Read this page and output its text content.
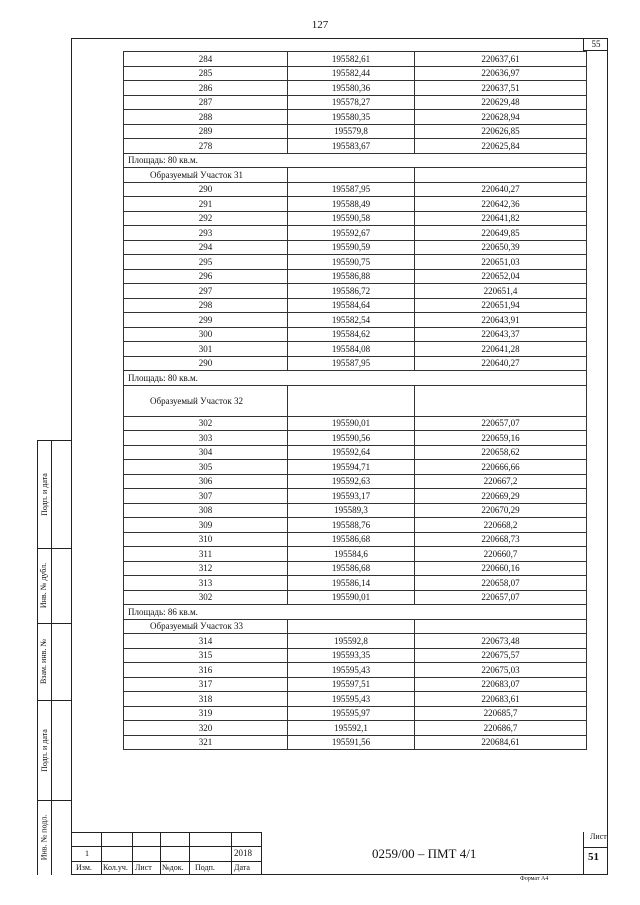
127
55
284	195582,61	220637,61
285	195582,44	220636,97
286	195580,36	220637,51
287	195578,27	220629,48
288	195580,35	220628,94
289	195579,8	220626,85
278	195583,67	220625,84
Площадь: 80 кв.м.		
Образуемый Участок 31		
290	195587,95	220640,27
291	195588,49	220642,36
292	195590,58	220641,82
293	195592,67	220649,85
294	195590,59	220650,39
295	195590,75	220651,03
296	195586,88	220652,04
297	195586,72	220651,4
298	195584,64	220651,94
299	195582,54	220643,91
300	195584,62	220643,37
301	195584,08	220641,28
290	195587,95	220640,27
Площадь: 80 кв.м.		
Образуемый Участок 32		
302	195590,01	220657,07
303	195590,56	220659,16
304	195592,64	220658,62
305	195594,71	220666,66
306	195592,63	220667,2
307	195593,17	220669,29
308	195589,3	220670,29
309	195588,76	220668,2
310	195586,68	220668,73
311	195584,6	220660,7
312	195586,68	220660,16
313	195586,14	220658,07
302	195590,01	220657,07
Площадь: 86 кв.м.		
Образуемый Участок 33		
314	195592,8	220673,48
315	195593,35	220675,57
316	195595,43	220675,03
317	195597,51	220683,07
318	195595,43	220683,61
319	195595,97	220685,7
320	195592,1	220686,7
321	195591,56	220684,61
Подп. и дата
Инв. № дубл.
Взам. инв. №
Подп. и дата
Инв. № подл.	1	2018
Изм. Кол.уч. Лист №док. Подп. Дата
0259/00 – ПМТ 4/1
Лист
51
Формат А4
